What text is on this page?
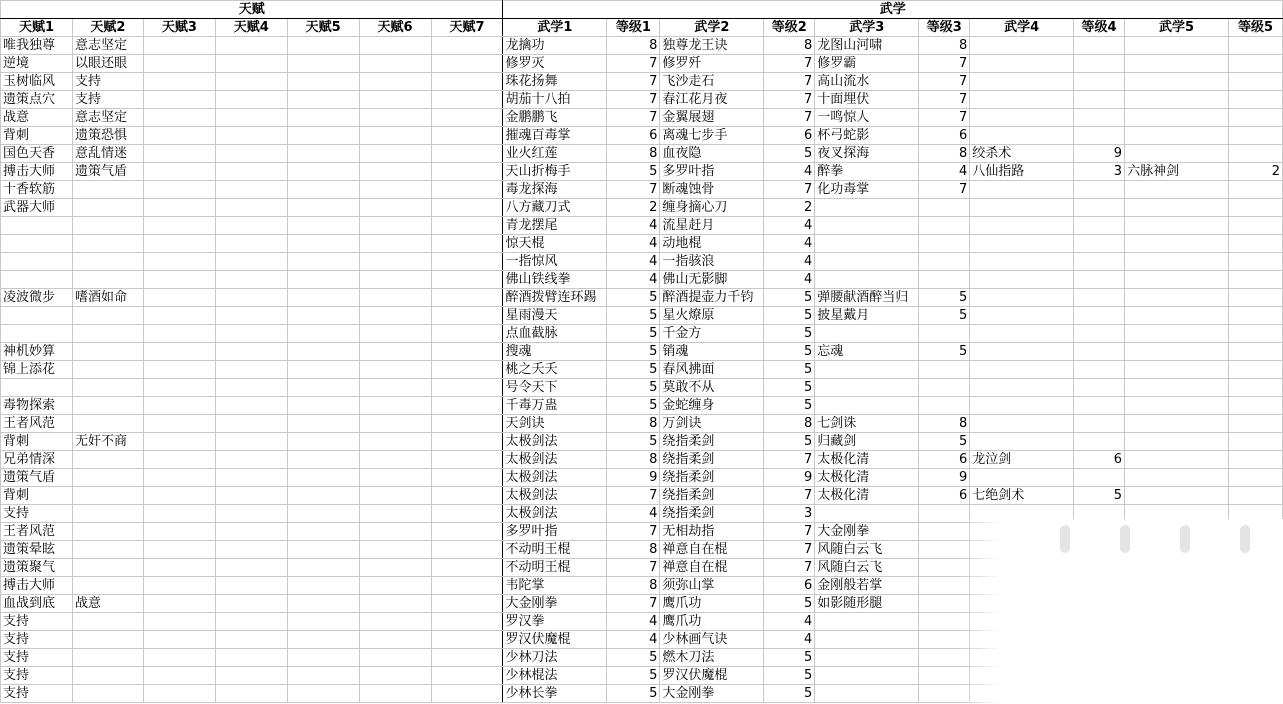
天赋							武学									
天赋1	天赋2	天赋3	天赋4	天赋5	天赋6	天赋7	武学1	等级1	武学2	等级2	武学3	等级3	武学4	等级4	武学5	等级5
唯我独尊	意志坚定						龙擒功	8	独尊龙王诀	8	龙图山河啸	8				
逆境	以眼还眼						修罗灭	7	修罗歼	7	修罗霸	7				
玉树临风	支持						珠花扬舞	7	飞沙走石	7	高山流水	7				
遗策点穴	支持						胡茄十八拍	7	春江花月夜	7	十面埋伏	7				
战意	意志坚定						金鹏鹏飞	7	金翼展翅	7	一鸣惊人	7				
背刺	遗策恐惧						摧魂百毒掌	6	离魂七步手	6	杯弓蛇影	6				
国色天香	意乱情迷						业火红莲	8	血夜隐	5	夜叉探海	8	绞杀术	9		
搏击大师	遗策气盾						天山折梅手	5	多罗叶指	4	醉拳	4	八仙指路	3	六脉神剑	2
十香软筋							毒龙探海	7	断魂蚀骨	7	化功毒掌	7				
武器大师							八方藏刀式	2	缠身摘心刀	2						
							青龙摆尾	4	流星赶月	4						
							惊天棍	4	动地棍	4						
							一指惊风	4	一指骇浪	4						
							佛山铁线拳	4	佛山无影脚	4						
凌波微步	嗜酒如命						醉酒拨臂连环踢	5	醉酒提壶力千钧	5	弹腰献酒醉当归	5				
							星雨漫天	5	星火燎原	5	披星戴月	5				
							点血截脉	5	千金方	5						
神机妙算							搜魂	5	销魂	5	忘魂	5				
锦上添花							桃之夭夭	5	春风拂面	5						
							号令天下	5	莫敢不从	5						
毒物探索							千毒万蛊	5	金蛇缠身	5						
王者风范							天剑诀	8	万剑诀	8	七剑诛	8				
背刺	无奸不商						太极剑法	5	绕指柔剑	5	归藏剑	5				
兄弟情深							太极剑法	8	绕指柔剑	7	太极化清	6	龙泣剑	6		
遗策气盾							太极剑法	9	绕指柔剑	9	太极化清	9				
背刺							太极剑法	7	绕指柔剑	7	太极化清	6	七绝剑术	5		
支持							太极剑法	4	绕指柔剑	3						
王者风范							多罗叶指	7	无相劫指	7	大金刚拳					
遗策晕眩							不动明王棍	8	禅意自在棍	7	风随白云飞					
遗策聚气							不动明王棍	7	禅意自在棍	7	风随白云飞					
搏击大师							韦陀掌	8	须弥山掌	6	金刚般若掌					
血战到底	战意						大金刚拳	7	鹰爪功	5	如影随形腿					
支持							罗汉拳	4	鹰爪功	4						
支持							罗汉伏魔棍	4	少林画气诀	4						
支持							少林刀法	5	燃木刀法	5						
支持							少林棍法	5	罗汉伏魔棍	5						
支持							少林长拳	5	大金刚拳	5						
